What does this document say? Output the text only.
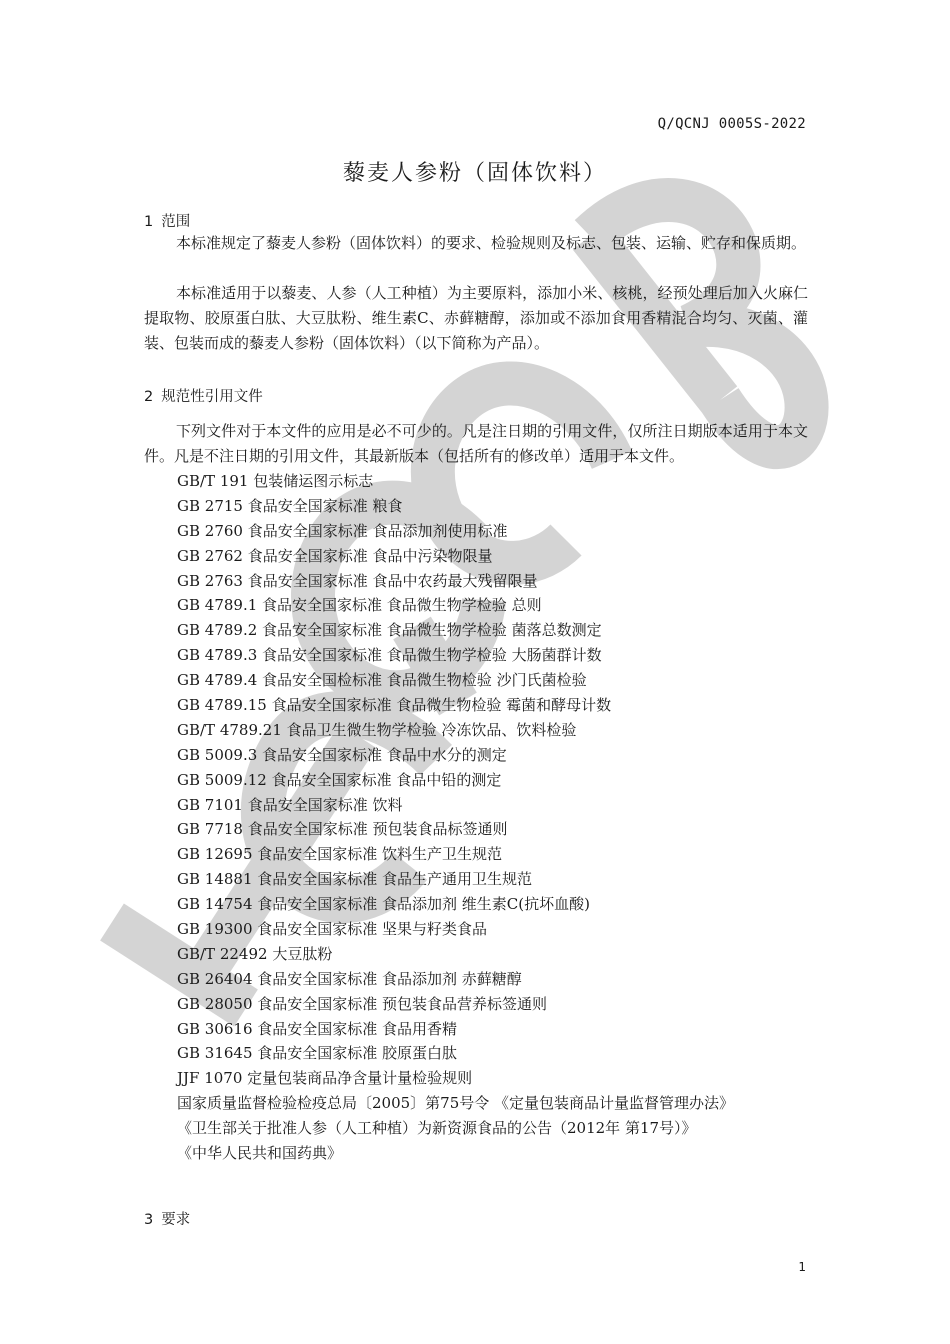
Q/QCNJ 0005S-2022
藜麦人参粉（固体饮料）
1 范围

本标准规定了藜麦人参粉（固体饮料）的要求、检验规则及标志、包装、运输、贮存和保质期。

本标准适用于以藜麦、人参（人工种植）为主要原料，添加小米、核桃，经预处理后加入火麻仁提取物、胶原蛋白肽、大豆肽粉、维生素C、赤藓糖醇，添加或不添加食用香精混合均匀、灭菌、灌装、包装而成的藜麦人参粉（固体饮料）（以下简称为产品）。

2 规范性引用文件

下列文件对于本文件的应用是必不可少的。凡是注日期的引用文件，仅所注日期版本适用于本文件。凡是不注日期的引用文件，其最新版本（包括所有的修改单）适用于本文件。

GB/T 191 包装储运图示标志
GB 2715 食品安全国家标准 粮食
GB 2760 食品安全国家标准 食品添加剂使用标准
GB 2762 食品安全国家标准 食品中污染物限量
GB 2763 食品安全国家标准 食品中农药最大残留限量
GB 4789.1 食品安全国家标准 食品微生物学检验 总则
GB 4789.2 食品安全国家标准 食品微生物学检验 菌落总数测定
GB 4789.3 食品安全国家标准 食品微生物学检验 大肠菌群计数
GB 4789.4 食品安全国检标准 食品微生物检验 沙门氏菌检验
GB 4789.15 食品安全国家标准 食品微生物检验 霉菌和酵母计数
GB/T 4789.21 食品卫生微生物学检验 冷冻饮品、饮料检验
GB 5009.3 食品安全国家标准 食品中水分的测定
GB 5009.12 食品安全国家标准 食品中铅的测定
GB 7101 食品安全国家标准 饮料
GB 7718 食品安全国家标准 预包装食品标签通则
GB 12695 食品安全国家标准 饮料生产卫生规范
GB 14881 食品安全国家标准 食品生产通用卫生规范
GB 14754 食品安全国家标准 食品添加剂 维生素C(抗坏血酸)
GB 19300 食品安全国家标准 坚果与籽类食品
GB/T 22492 大豆肽粉
GB 26404 食品安全国家标准 食品添加剂 赤藓糖醇
GB 28050 食品安全国家标准 预包装食品营养标签通则
GB 30616 食品安全国家标准 食品用香精
GB 31645 食品安全国家标准 胶原蛋白肽
JJF 1070 定量包装商品净含量计量检验规则
国家质量监督检验检疫总局〔2005〕第75号令 《定量包装商品计量监督管理办法》
《卫生部关于批准人参（人工种植）为新资源食品的公告（2012年 第17号）》
《中华人民共和国药典》
3 要求
1
